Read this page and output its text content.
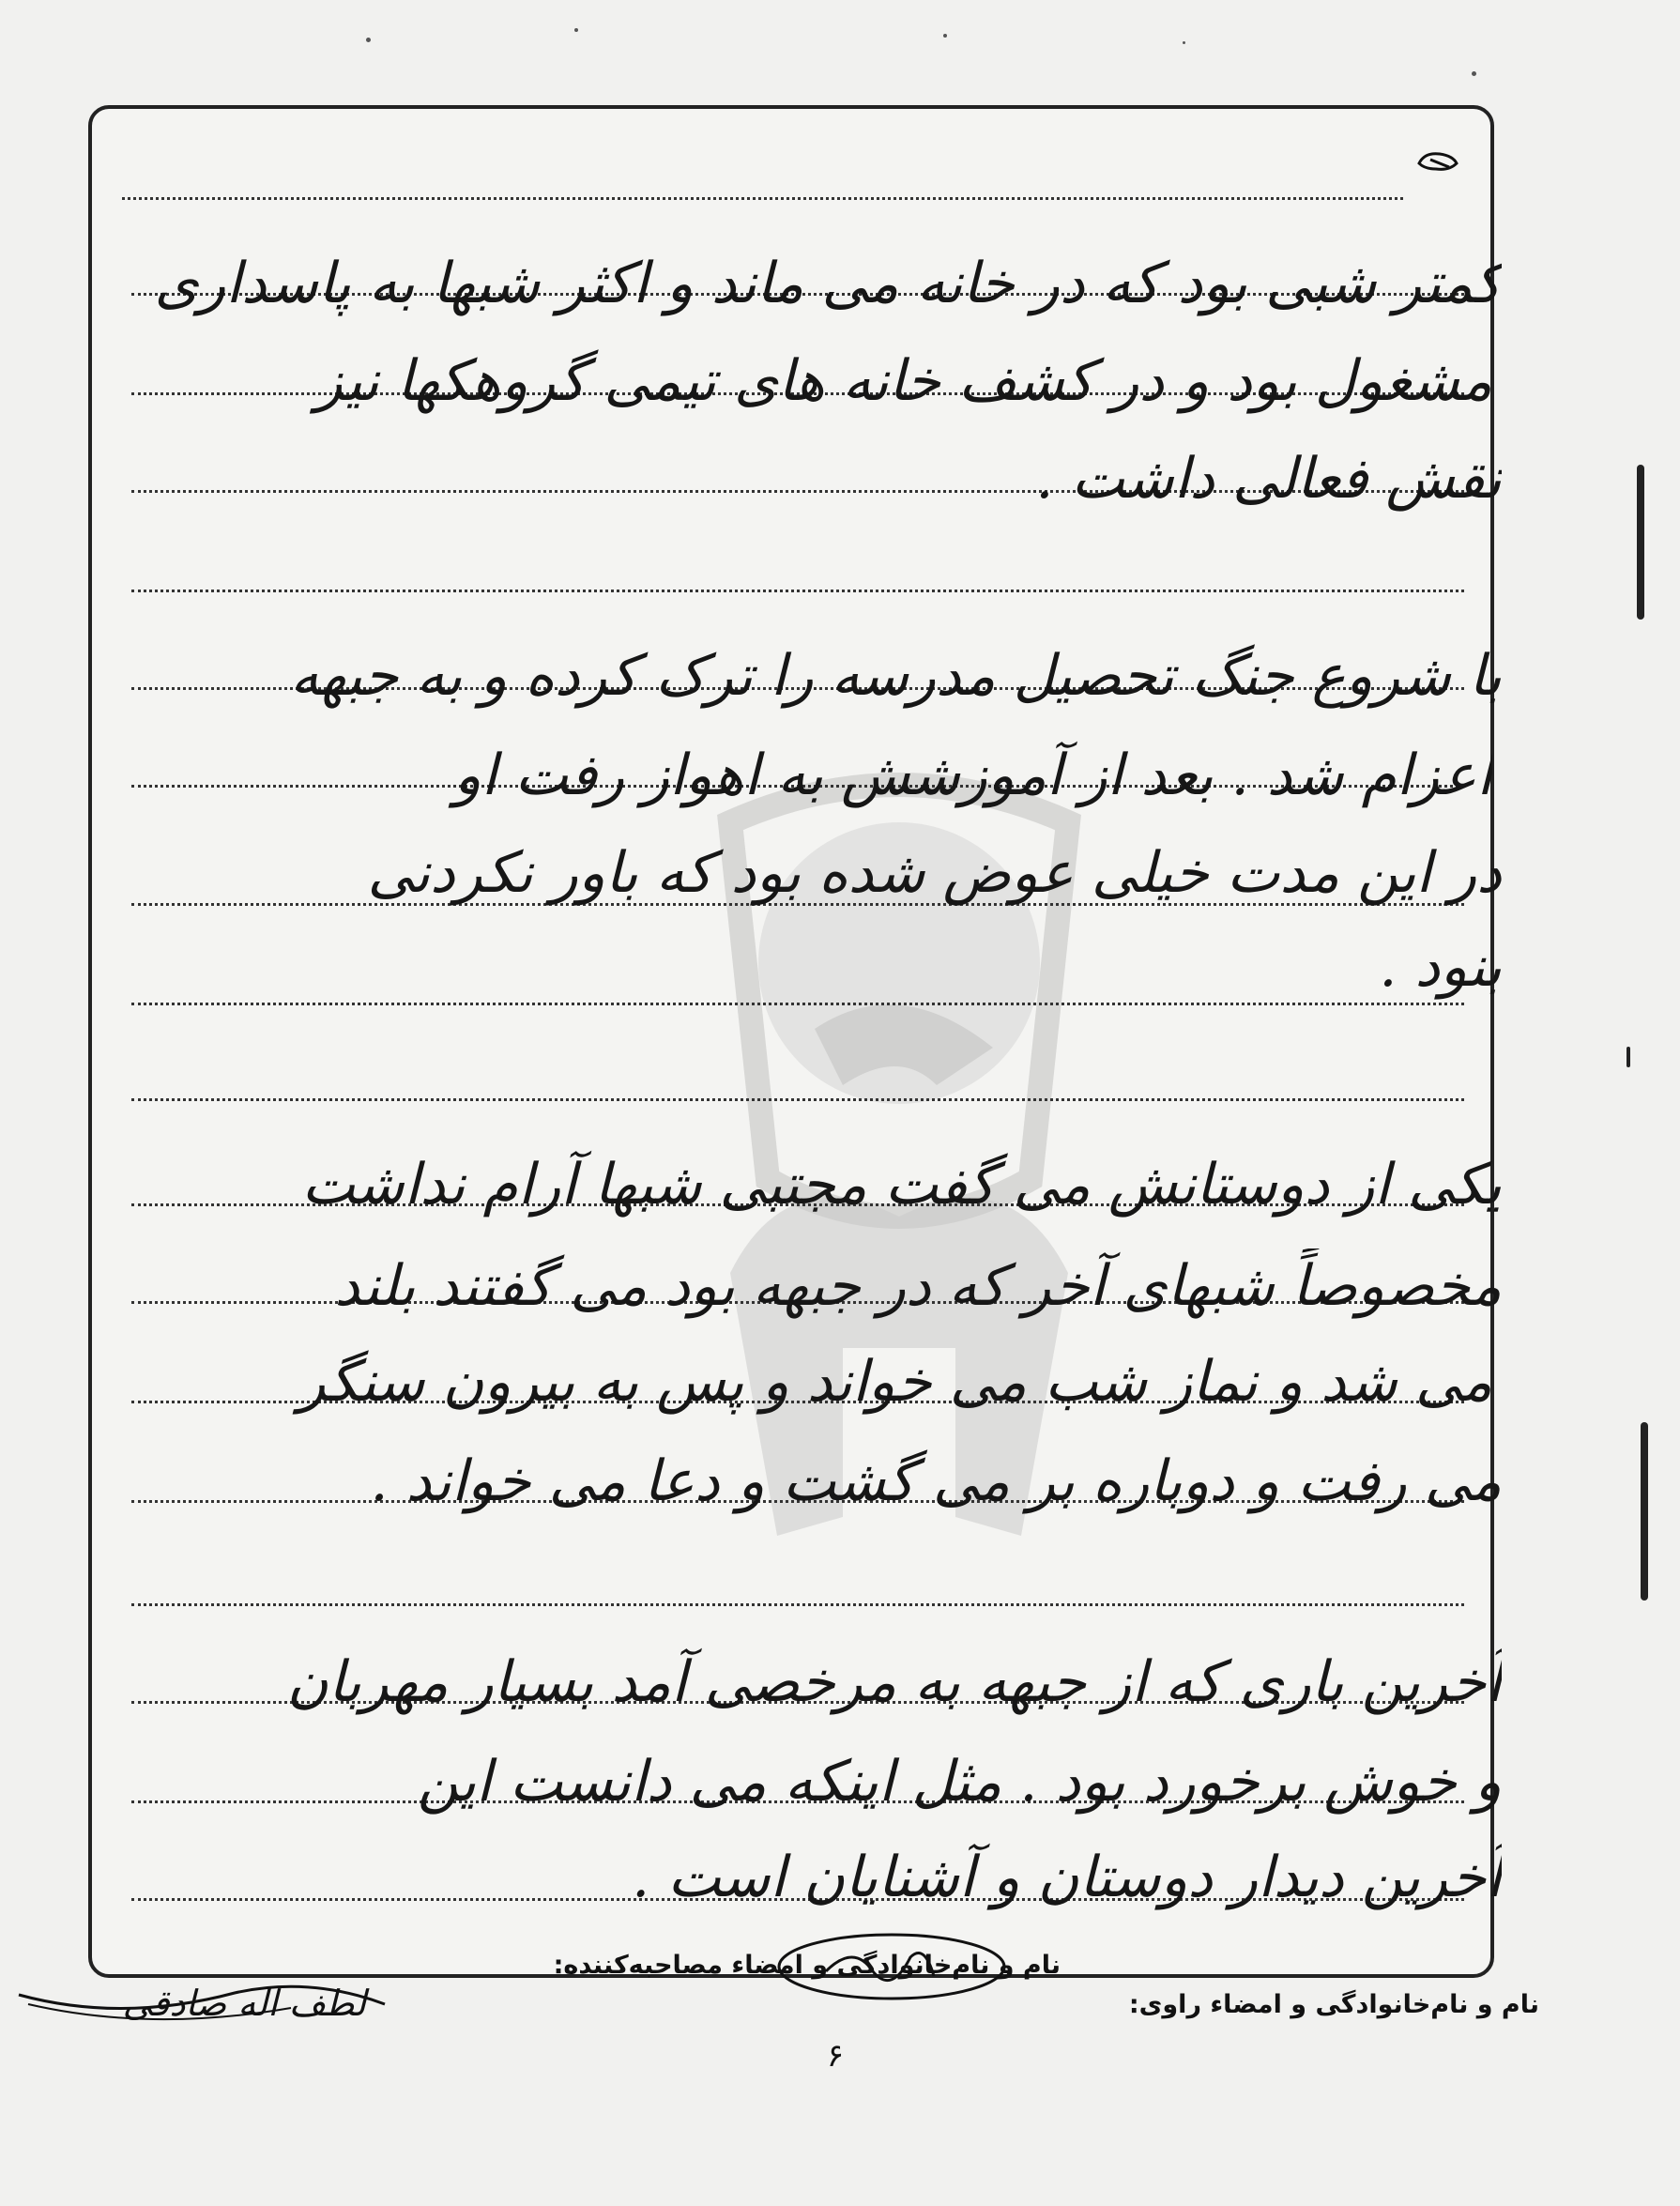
کمتر شبی بود که در خانه می ماند و اکثر شبها به پاسداری
مشغول بود و در کشف خانه های تیمی گروهکها نیز
نقش فعالی داشت .
با شروع جنگ تحصیل مدرسه را ترک کرده و به جبهه
اعزام شد . بعد از آموزشش به اهواز رفت او
در این مدت خیلی عوض شده بود که باور نکردنی
بنود .
یکی از دوستانش می گفت مجتبی شبها آرام نداشت
مخصوصاً شبهای آخر که در جبهه بود می گفتند بلند
می شد و نماز شب می خواند و پس به بیرون سنگر
می رفت و دوباره بر می گشت و دعا می خواند .
آخرین باری که از جبهه به مرخصی آمد بسیار مهربان
و خوش برخورد بود . مثل اینکه می دانست این
آخرین دیدار دوستان و آشنایان است .
نام و نام‌خانوادگی و امضاء راوی:
نام و نام‌خانوادگی و امضاء مصاحبه‌کننده:
لطف اله صادقی
۶
